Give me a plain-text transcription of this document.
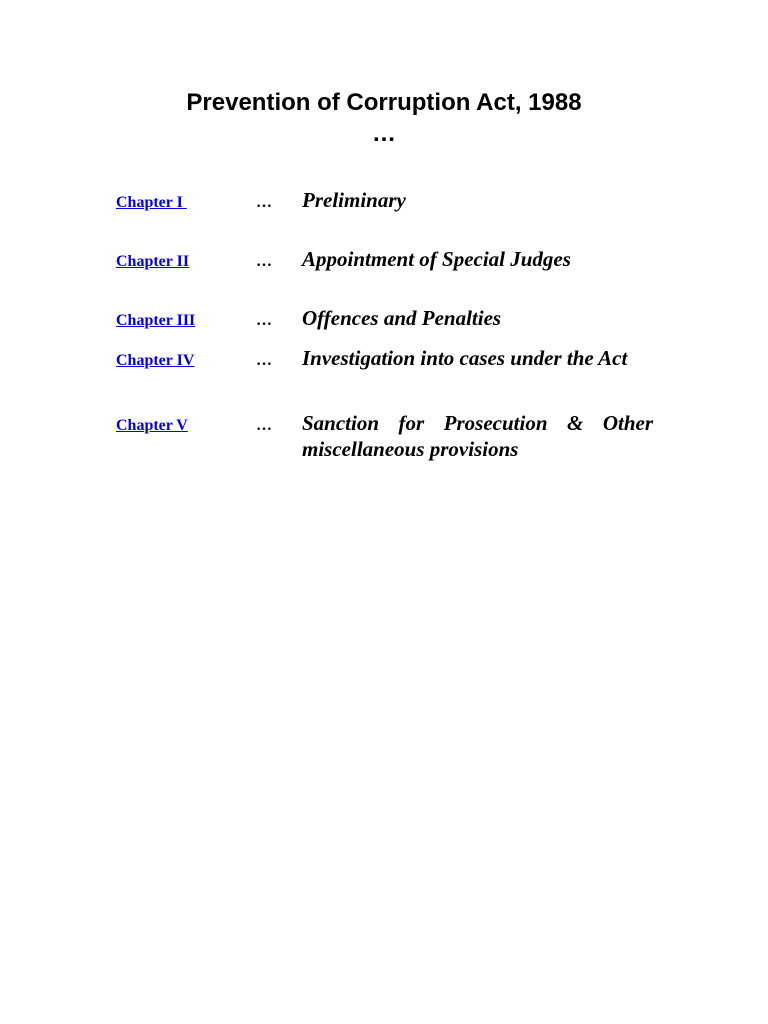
Prevention of Corruption Act, 1988
…
Chapter I	… Preliminary
Chapter II	… Appointment of Special Judges
Chapter III	… Offences and Penalties
Chapter IV	… Investigation into cases under the Act
Chapter V	… Sanction for Prosecution & Other miscellaneous provisions
